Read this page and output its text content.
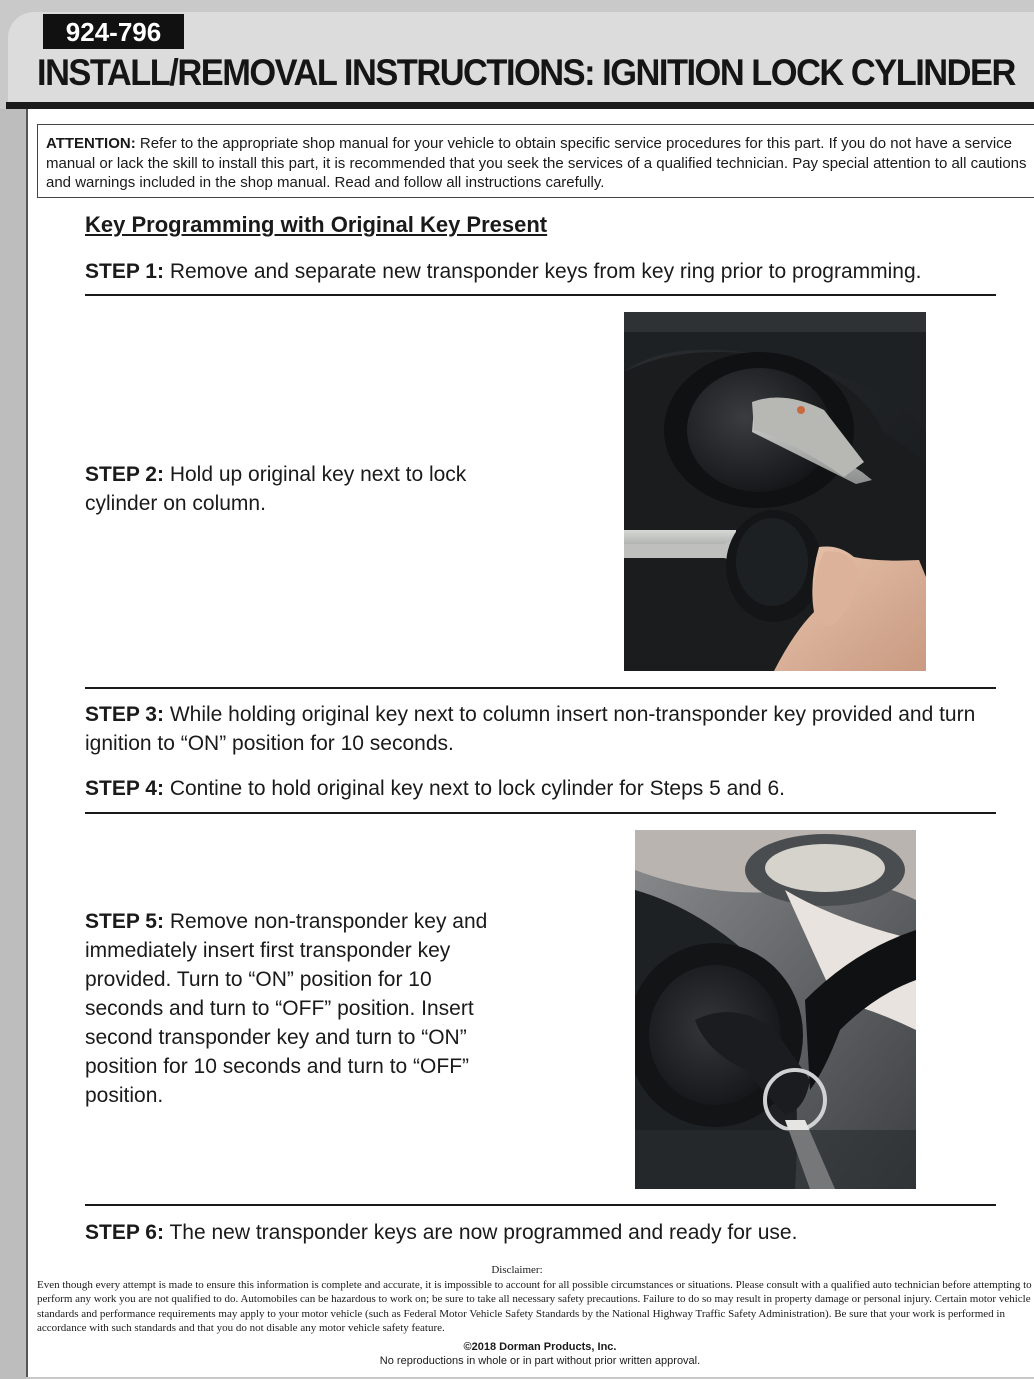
924-796
INSTALL/REMOVAL INSTRUCTIONS: IGNITION LOCK CYLINDER
ATTENTION: Refer to the appropriate shop manual for your vehicle to obtain specific service procedures for this part. If you do not have a service manual or lack the skill to install this part, it is recommended that you seek the services of a qualified technician. Pay special attention to all cautions and warnings included in the shop manual. Read and follow all instructions carefully.
Key Programming with Original Key Present
STEP 1: Remove and separate new transponder keys from key ring prior to programming.
STEP 2: Hold up original key next to lock cylinder on column.
STEP 3: While holding original key next to column insert non-transponder key provided and turn ignition to “ON” position for 10 seconds.
STEP 4: Contine to hold original key next to lock cylinder for Steps 5 and 6.
STEP 5: Remove non-transponder key and immediately insert first transponder key provided. Turn to “ON” position for 10 seconds and turn to “OFF” position. Insert second transponder key and turn to “ON” position for 10 seconds and turn to “OFF” position.
STEP 6: The new transponder keys are now programmed and ready for use.
Disclaimer:
Even though every attempt is made to ensure this information is complete and accurate, it is impossible to account for all possible circumstances or situations. Please consult with a qualified auto technician before attempting to perform any work you are not qualified to do. Automobiles can be hazardous to work on; be sure to take all necessary safety precautions. Failure to do so may result in property damage or personal injury. Certain motor vehicle standards and performance requirements may apply to your motor vehicle (such as Federal Motor Vehicle Safety Standards by the National Highway Traffic Safety Administration). Be sure that your work is performed in accordance with such standards and that you do not disable any motor vehicle safety feature.
©2018 Dorman Products, Inc.
No reproductions in whole or in part without prior written approval.
